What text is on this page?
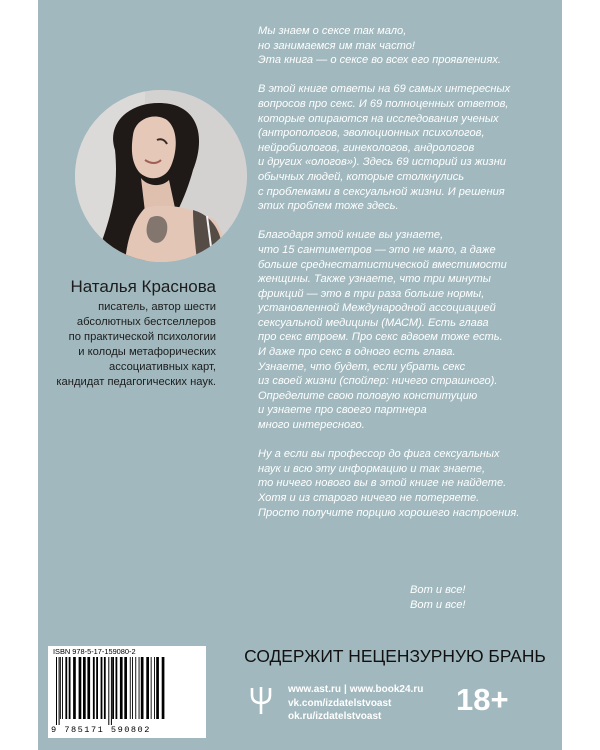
Наталья Краснова
писатель, автор шести
абсолютных бестселлеров
по практической психологии
и колоды метафорических
ассоциативных карт,
кандидат педагогических наук.

Мы знаем о сексе так мало,
но занимаемся им так часто!
Эта книга — о сексе во всех его проявлениях.

В этой книге ответы на 69 самых интересных
вопросов про секс. И 69 полноценных ответов,
которые опираются на исследования ученых
(антропологов, эволюционных психологов,
нейробиологов, гинекологов, андрологов
и других «ологов»). Здесь 69 историй из жизни
обычных людей, которые столкнулись
с проблемами в сексуальной жизни. И решения
этих проблем тоже здесь.

Благодаря этой книге вы узнаете,
что 15 сантиметров — это не мало, а даже
больше среднестатистической вместимости
женщины. Также узнаете, что три минуты
фрикций — это в три раза больше нормы,
установленной Международной ассоциацией
сексуальной медицины (МАСМ). Есть глава
про секс втроем. Про секс вдвоем тоже есть.
И даже про секс в одного есть глава.
Узнаете, что будет, если убрать секс
из своей жизни (спойлер: ничего страшного).
Определите свою половую конституцию
и узнаете про своего партнера
много интересного.

Ну а если вы профессор до фига сексуальных
наук и всю эту информацию и так знаете,
то ничего нового вы в этой книге не найдете.
Хотя и из старого ничего не потеряете.
Просто получите порцию хорошего настроения.

Вот и все!
Вот и все!
СОДЕРЖИТ НЕЦЕНЗУРНУЮ БРАНЬ
www.ast.ru | www.book24.ru
vk.com/izdatelstvoast
ok.ru/izdatelstvoast	18+
ISBN 978-5-17-159080-2
9 785171 590802
